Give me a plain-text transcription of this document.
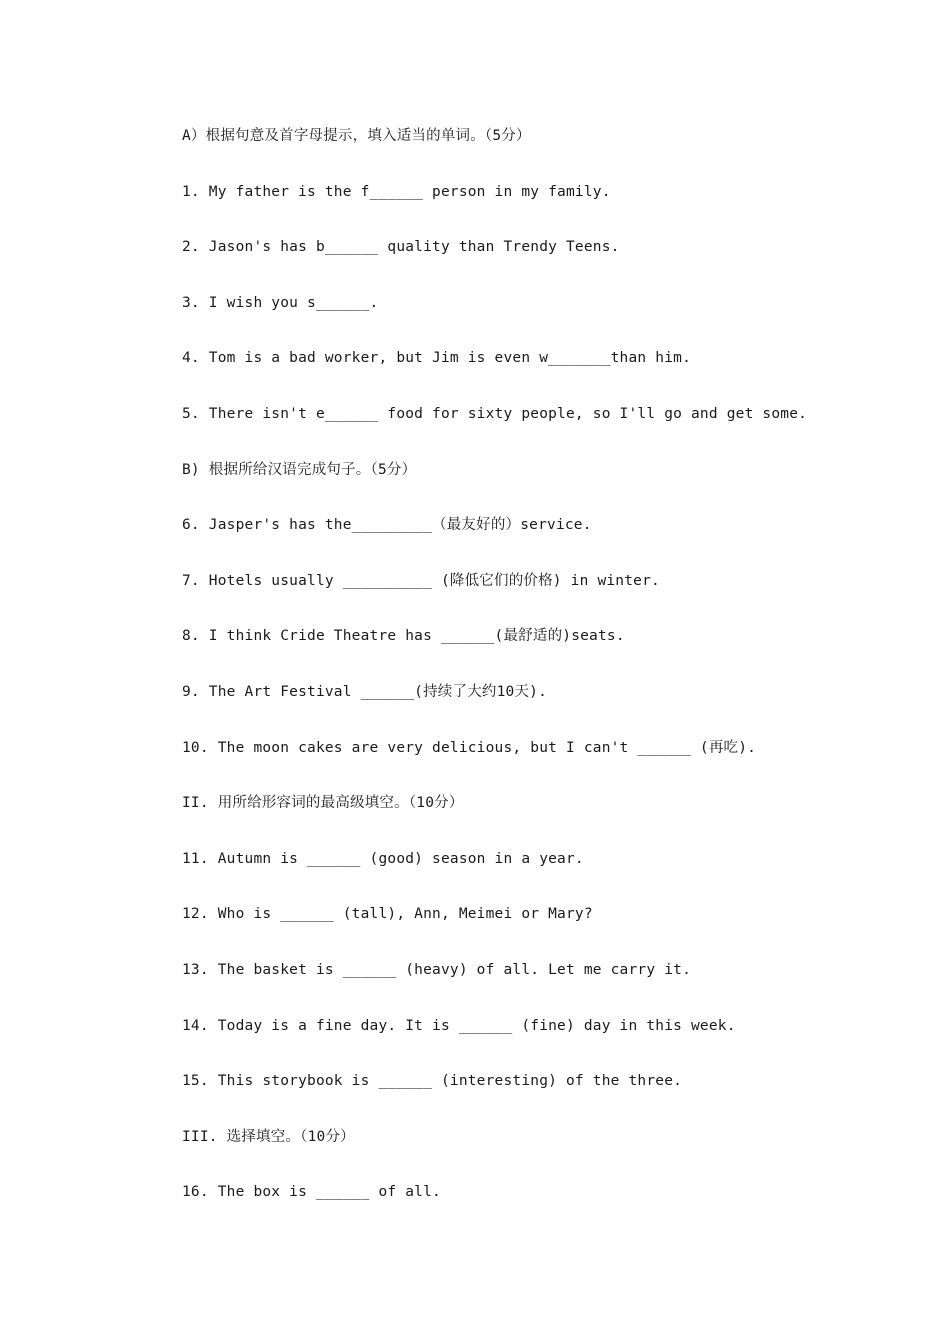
A）根据句意及首字母提示，填入适当的单词。（5分）
1. My father is the f______ person in my family.
2. Jason's has b______ quality than Trendy Teens.
3. I wish you s______.
4. Tom is a bad worker, but Jim is even w_______than him.
5. There isn't e______ food for sixty people, so I'll go and get some.
B) 根据所给汉语完成句子。（5分）
6. Jasper's has the_________（最友好的）service.
7. Hotels usually __________ (降低它们的价格) in winter.
8. I think Cride Theatre has ______(最舒适的)seats.
9. The Art Festival ______(持续了大约10天).
10. The moon cakes are very delicious, but I can't ______ (再吃).
II. 用所给形容词的最高级填空。（10分）
11. Autumn is ______ (good) season in a year.
12. Who is ______ (tall), Ann, Meimei or Mary?
13. The basket is ______ (heavy) of all. Let me carry it.
14. Today is a fine day. It is ______ (fine) day in this week.
15. This storybook is ______ (interesting) of the three.
III. 选择填空。（10分）
16. The box is ______ of all.
